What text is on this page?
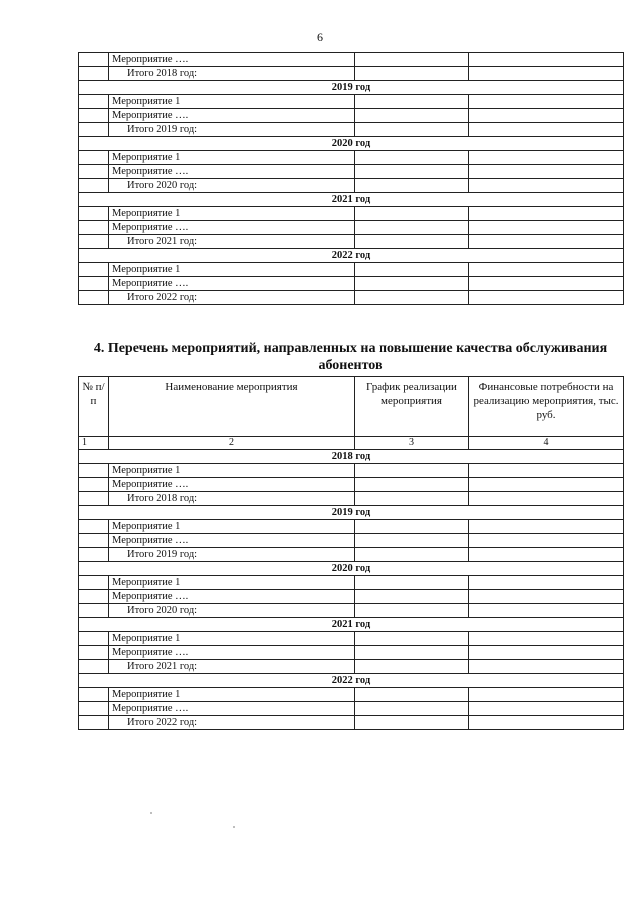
6
	Мероприятие ….		
	Итого 2018 год:		
2019 год			
	Мероприятие 1		
	Мероприятие ….		
	Итого 2019 год:		
2020 год			
	Мероприятие 1		
	Мероприятие ….		
	Итого 2020 год:		
2021 год			
	Мероприятие 1		
	Мероприятие ….		
	Итого 2021 год:		
2022 год			
	Мероприятие 1		
	Мероприятие ….		
	Итого 2022 год:		
4. Перечень мероприятий, направленных на повышение качества обслуживания абонентов
№ п/п	Наименование мероприятия	График реализации мероприятия	Финансовые потребности на реализацию мероприятия, тыс. руб.
1	2	3	4
2018 год			
	Мероприятие 1		
	Мероприятие ….		
	Итого 2018 год:		
2019 год			
	Мероприятие 1		
	Мероприятие ….		
	Итого 2019 год:		
2020 год			
	Мероприятие 1		
	Мероприятие ….		
	Итого 2020 год:		
2021 год			
	Мероприятие 1		
	Мероприятие ….		
	Итого 2021 год:		
2022 год			
	Мероприятие 1		
	Мероприятие ….		
	Итого 2022 год:		
